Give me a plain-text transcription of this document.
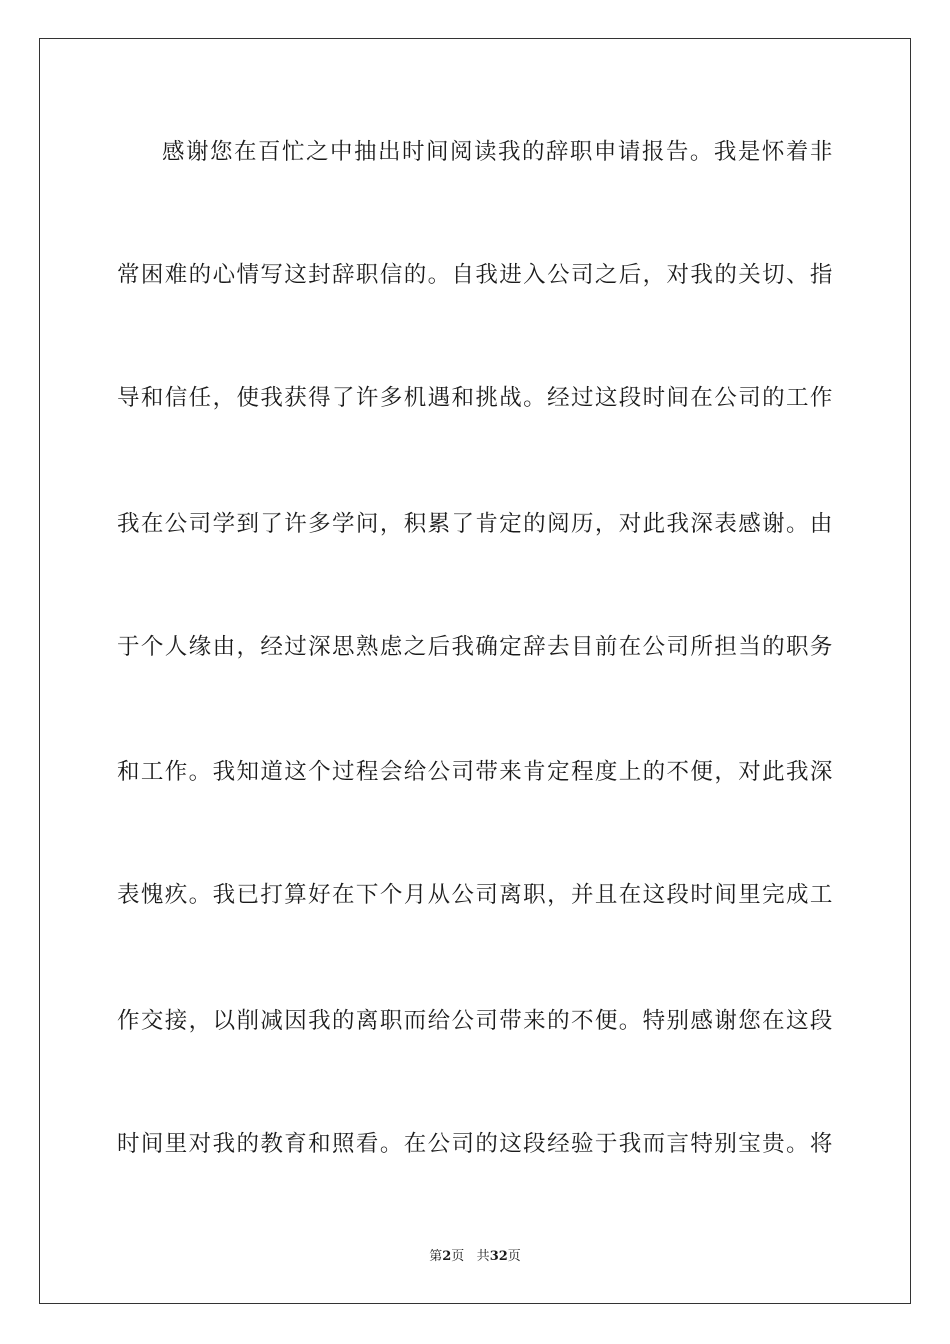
感谢您在百忙之中抽出时间阅读我的辞职申请报告。我是怀着非
常困难的心情写这封辞职信的。自我进入公司之后，对我的关切、指
导和信任，使我获得了许多机遇和挑战。经过这段时间在公司的工作
我在公司学到了许多学问，积累了肯定的阅历，对此我深表感谢。由
于个人缘由，经过深思熟虑之后我确定辞去目前在公司所担当的职务
和工作。我知道这个过程会给公司带来肯定程度上的不便，对此我深
表愧疚。我已打算好在下个月从公司离职，并且在这段时间里完成工
作交接，以削减因我的离职而给公司带来的不便。特别感谢您在这段
时间里对我的教育和照看。在公司的这段经验于我而言特别宝贵。将
第2页 共32页
